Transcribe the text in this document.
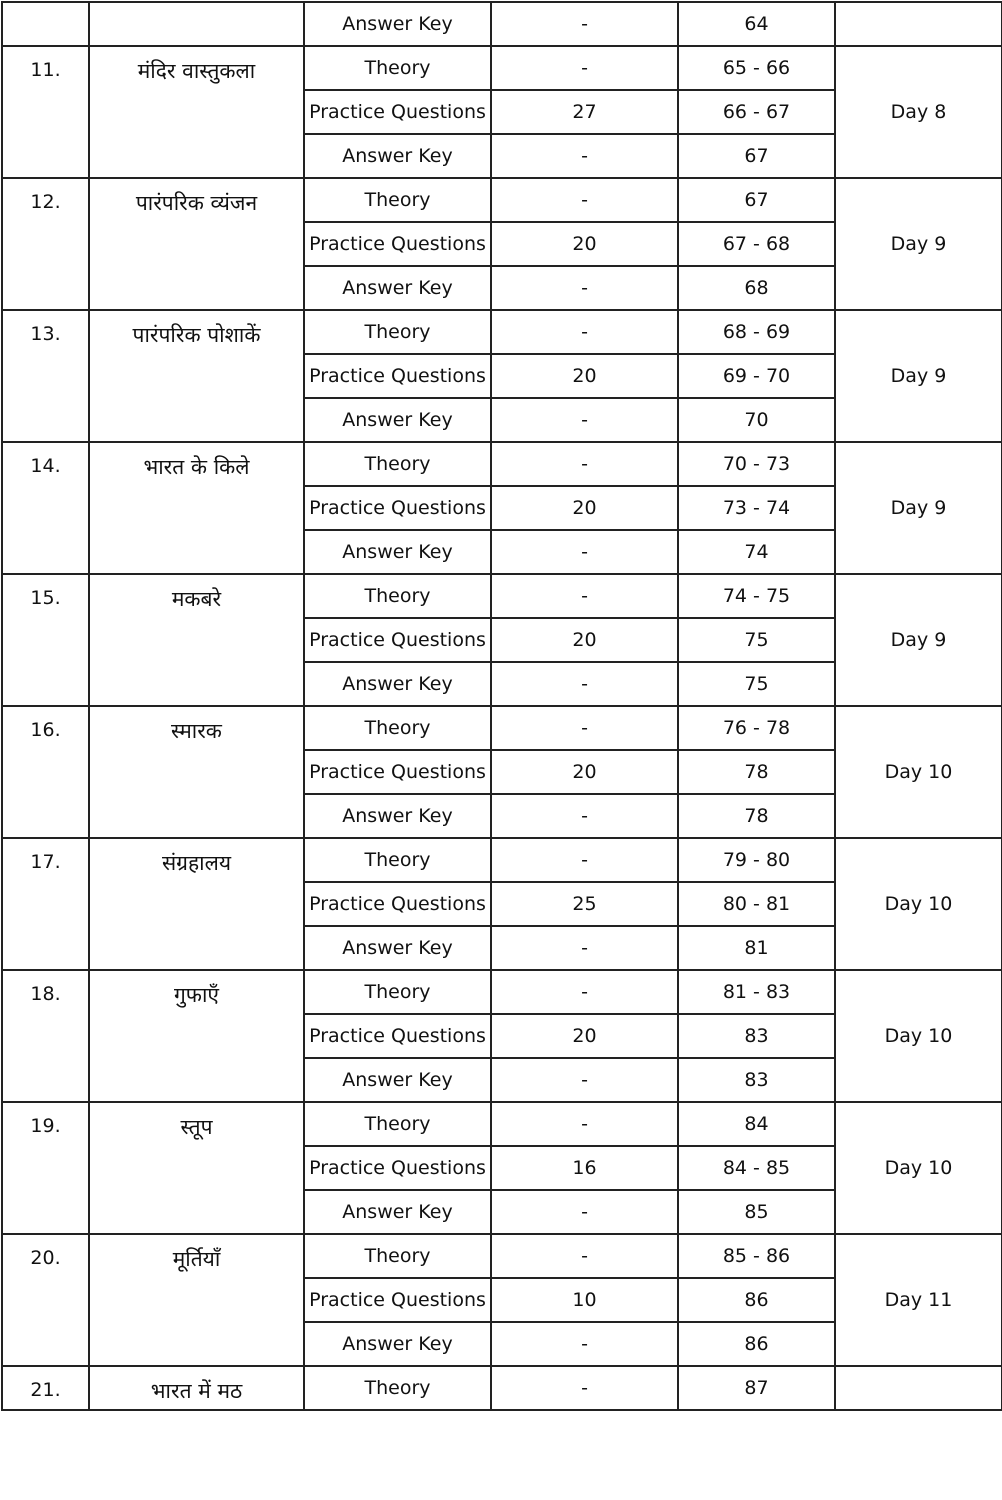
		Answer Key	-	64	
11.	मंदिर वास्तुकला	Theory	-	65 - 66	Day 8
		Practice Questions	27	66 - 67	
		Answer Key	-	67	
12.	पारंपरिक व्यंजन	Theory	-	67	Day 9
		Practice Questions	20	67 - 68	
		Answer Key	-	68	
13.	पारंपरिक पोशाकें	Theory	-	68 - 69	Day 9
		Practice Questions	20	69 - 70	
		Answer Key	-	70	
14.	भारत के किले	Theory	-	70 - 73	Day 9
		Practice Questions	20	73 - 74	
		Answer Key	-	74	
15.	मकबरे	Theory	-	74 - 75	Day 9
		Practice Questions	20	75	
		Answer Key	-	75	
16.	स्मारक	Theory	-	76 - 78	Day 10
		Practice Questions	20	78	
		Answer Key	-	78	
17.	संग्रहालय	Theory	-	79 - 80	Day 10
		Practice Questions	25	80 - 81	
		Answer Key	-	81	
18.	गुफाएँ	Theory	-	81 - 83	Day 10
		Practice Questions	20	83	
		Answer Key	-	83	
19.	स्तूप	Theory	-	84	Day 10
		Practice Questions	16	84 - 85	
		Answer Key	-	85	
20.	मूर्तियाँ	Theory	-	85 - 86	Day 11
		Practice Questions	10	86	
		Answer Key	-	86	
21.	भारत में मठ	Theory	-	87	
